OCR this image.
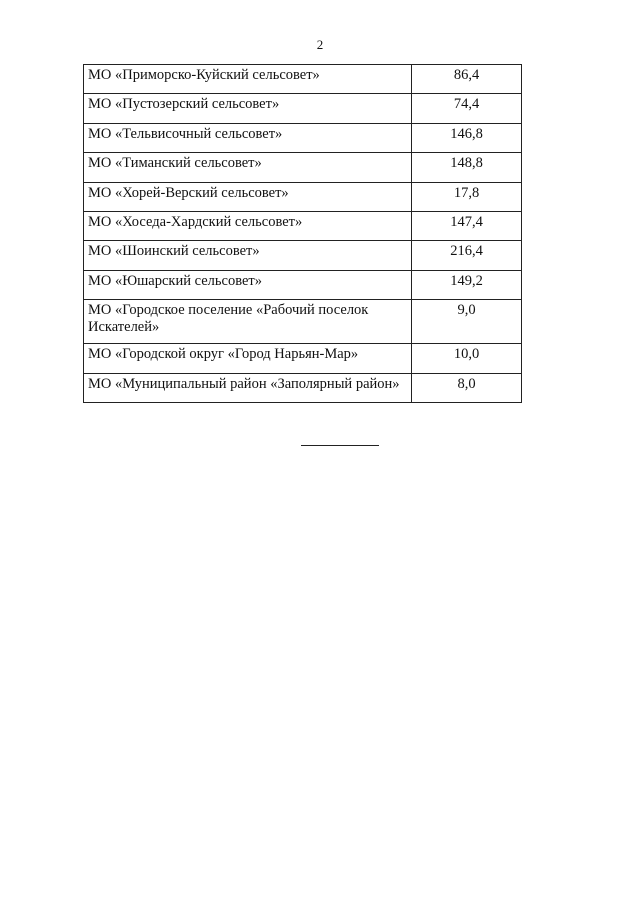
2
МО «Приморско-Куйский сельсовет»	86,4
МО «Пустозерский сельсовет»	74,4
МО «Тельвисочный сельсовет»	146,8
МО «Тиманский сельсовет»	148,8
МО «Хорей-Верский сельсовет»	17,8
МО «Хоседа-Хардский сельсовет»	147,4
МО «Шоинский сельсовет»	216,4
МО «Юшарский сельсовет»	149,2
МО «Городское поселение «Рабочий поселок Искателей»	9,0
МО «Городской округ «Город Нарьян-Мар»	10,0
МО «Муниципальный район «Заполярный район»	8,0
